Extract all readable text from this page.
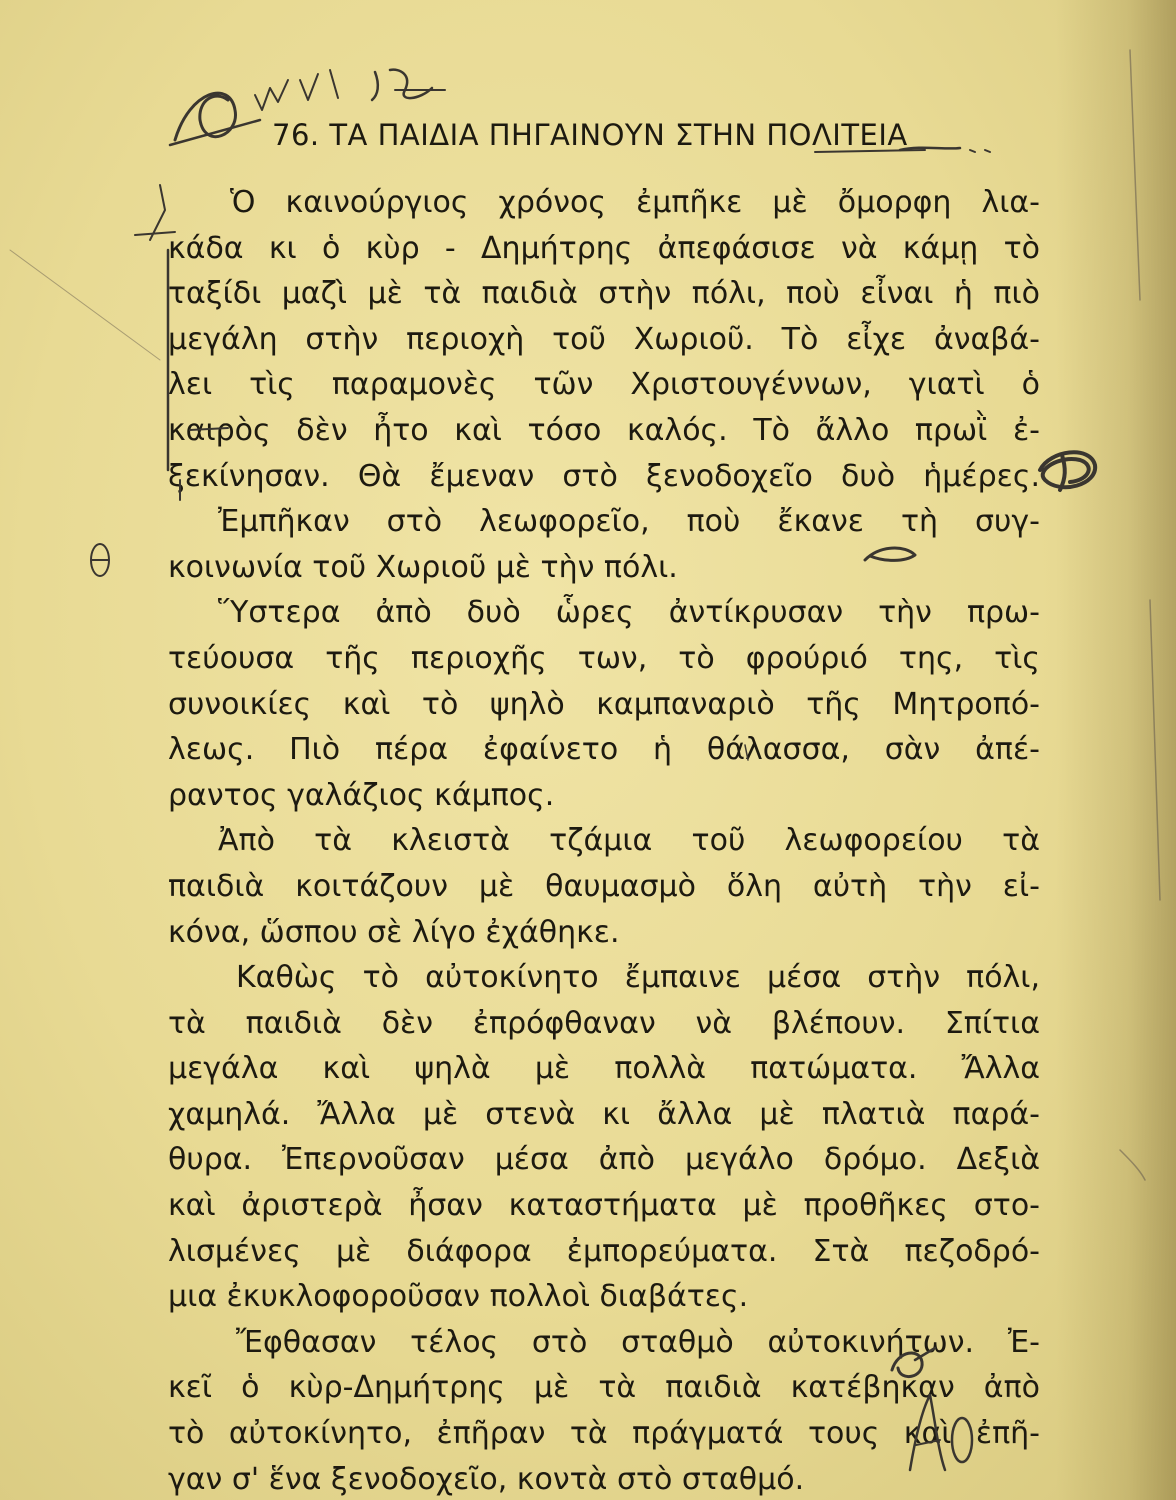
76. ΤΑ ΠΑΙΔΙΑ ΠΗΓΑΙΝΟΥΝ ΣΤΗΝ ΠΟΛΙΤΕΙΑ
Ὁ καινούργιος χρόνος ἐμπῆκε μὲ ὄμορφη λια-
κάδα κι ὁ κὺρ - Δημήτρης ἀπεφάσισε νὰ κάμῃ τὸ
ταξίδι μαζὶ μὲ τὰ παιδιὰ στὴν πόλι, ποὺ εἶναι ἡ πιὸ
μεγάλη στὴν περιοχὴ τοῦ Χωριοῦ. Τὸ εἶχε ἀναβά-
λει τὶς παραμονὲς τῶν Χριστουγέννων, γιατὶ ὁ
καιρὸς δὲν ἦτο καὶ τόσο καλός. Τὸ ἄλλο πρωῒ ἐ-
ξεκίνησαν. Θὰ ἔμεναν στὸ ξενοδοχεῖο δυὸ ἡμέρες.
Ἐμπῆκαν στὸ λεωφορεῖο, ποὺ ἔκανε τὴ συγ-
κοινωνία τοῦ Χωριοῦ μὲ τὴν πόλι.
Ὕστερα ἀπὸ δυὸ ὧρες ἀντίκρυσαν τὴν πρω-
τεύουσα τῆς περιοχῆς των, τὸ φρούριό της, τὶς
συνοικίες καὶ τὸ ψηλὸ καμπαναριὸ τῆς Μητροπό-
λεως. Πιὸ πέρα ἐφαίνετο ἡ θάλασσα, σὰν ἀπέ-
ραντος γαλάζιος κάμπος.
Ἀπὸ τὰ κλειστὰ τζάμια τοῦ λεωφορείου τὰ
παιδιὰ κοιτάζουν μὲ θαυμασμὸ ὅλη αὐτὴ τὴν εἰ-
κόνα, ὥσπου σὲ λίγο ἐχάθηκε.
Καθὼς τὸ αὐτοκίνητο ἔμπαινε μέσα στὴν πόλι,
τὰ παιδιὰ δὲν ἐπρόφθαναν νὰ βλέπουν. Σπίτια
μεγάλα καὶ ψηλὰ μὲ πολλὰ πατώματα. Ἄλλα
χαμηλά. Ἄλλα μὲ στενὰ κι ἄλλα μὲ πλατιὰ παρά-
θυρα. Ἐπερνοῦσαν μέσα ἀπὸ μεγάλο δρόμο. Δεξιὰ
καὶ ἀριστερὰ ἦσαν καταστήματα μὲ προθῆκες στο-
λισμένες μὲ διάφορα ἐμπορεύματα. Στὰ πεζοδρό-
μια ἐκυκλοφοροῦσαν πολλοὶ διαβάτες.
Ἔφθασαν τέλος στὸ σταθμὸ αὐτοκινήτων. Ἐ-
κεῖ ὁ κὺρ-Δημήτρης μὲ τὰ παιδιὰ κατέβηκαν ἀπὸ
τὸ αὐτοκίνητο, ἐπῆραν τὰ πράγματά τους καὶ ἐπῆ-
γαν σ' ἕνα ξενοδοχεῖο, κοντὰ στὸ σταθμό.
